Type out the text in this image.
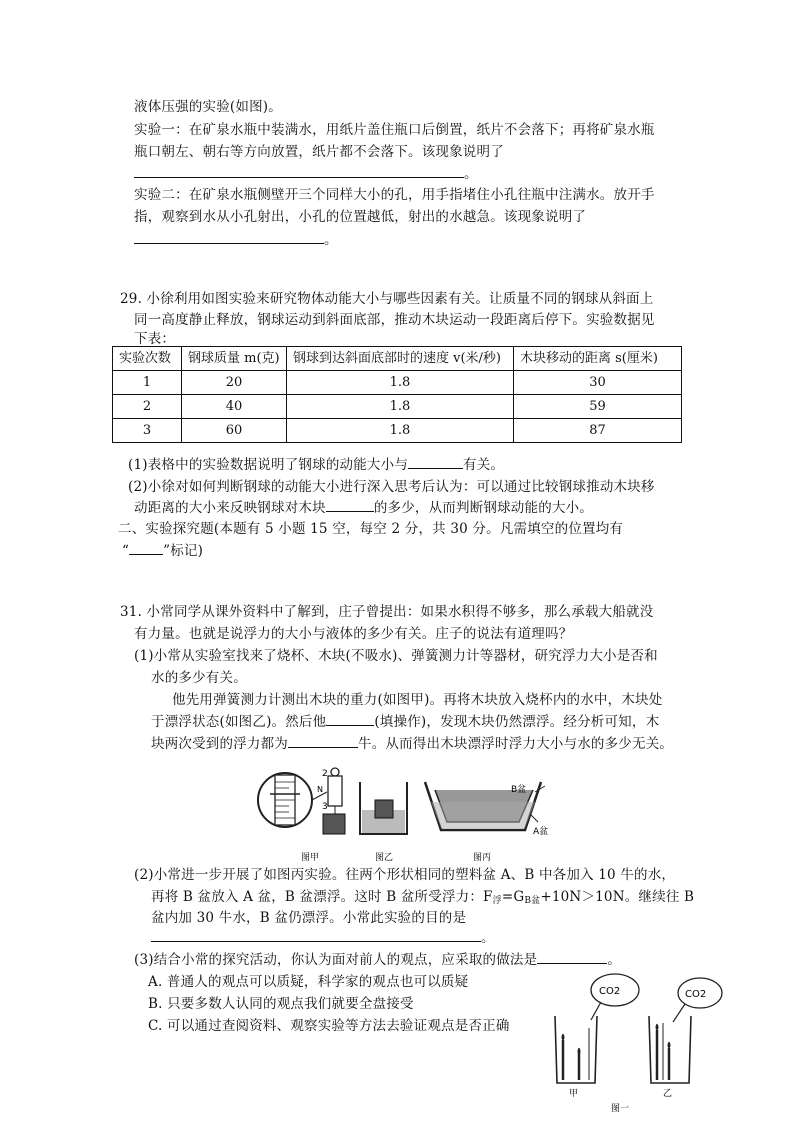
液体压强的实验(如图)。
实验一：在矿泉水瓶中装满水，用纸片盖住瓶口后倒置，纸片不会落下；再将矿泉水瓶
瓶口朝左、朝右等方向放置，纸片都不会落下。该现象说明了
。
实验二：在矿泉水瓶侧壁开三个同样大小的孔，用手指堵住小孔往瓶中注满水。放开手
指，观察到水从小孔射出，小孔的位置越低，射出的水越急。该现象说明了
。
29. 小徐利用如图实验来研究物体动能大小与哪些因素有关。让质量不同的钢球从斜面上
同一高度静止释放，钢球运动到斜面底部，推动木块运动一段距离后停下。实验数据见
下表：
实验次数	钢球质量 m(克)	钢球到达斜面底部时的速度 v(米/秒)	木块移动的距离 s(厘米)
1	20	1.8	30
2	40	1.8	59
3	60	1.8	87
(1)表格中的实验数据说明了钢球的动能大小与	有关。
(2)小徐对如何判断钢球的动能大小进行深入思考后认为：可以通过比较钢球推动木块移
动距离的大小来反映钢球对木块	的多少，从而判断钢球动能的大小。
二、实验探究题(本题有 5 小题 15 空，每空 2 分，共 30 分。凡需填空的位置均有
“	”标记)
31. 小常同学从课外资料中了解到，庄子曾提出：如果水积得不够多，那么承载大船就没
有力量。也就是说浮力的大小与液体的多少有关。庄子的说法有道理吗？
(1)小常从实验室找来了烧杯、木块(不吸水)、弹簧测力计等器材，研究浮力大小是否和
水的多少有关。
他先用弹簧测力计测出木块的重力(如图甲)。再将木块放入烧杯内的水中，木块处
于漂浮状态(如图乙)。然后他	(填操作)，发现木块仍然漂浮。经分析可知，木
块两次受到的浮力都为	牛。从而得出木块漂浮时浮力大小与水的多少无关。
图甲
2
N
3
图乙
B盆
A盆
图丙
(2)小常进一步开展了如图丙实验。往两个形状相同的塑料盆 A、B 中各加入 10 牛的水，
再将 B 盆放入 A 盆，B 盆漂浮。这时 B 盆所受浮力：F浮=GB盆+10N＞10N。继续往 B
盆内加 30 牛水，B 盆仍漂浮。小常此实验的目的是
。
(3)结合小常的探究活动，你认为面对前人的观点，应采取的做法是	。
A. 普通人的观点可以质疑，科学家的观点也可以质疑
B. 只要多数人认同的观点我们就要全盘接受
C. 可以通过查阅资料、观察实验等方法去验证观点是否正确
CO2	CO2
甲	乙
图一
